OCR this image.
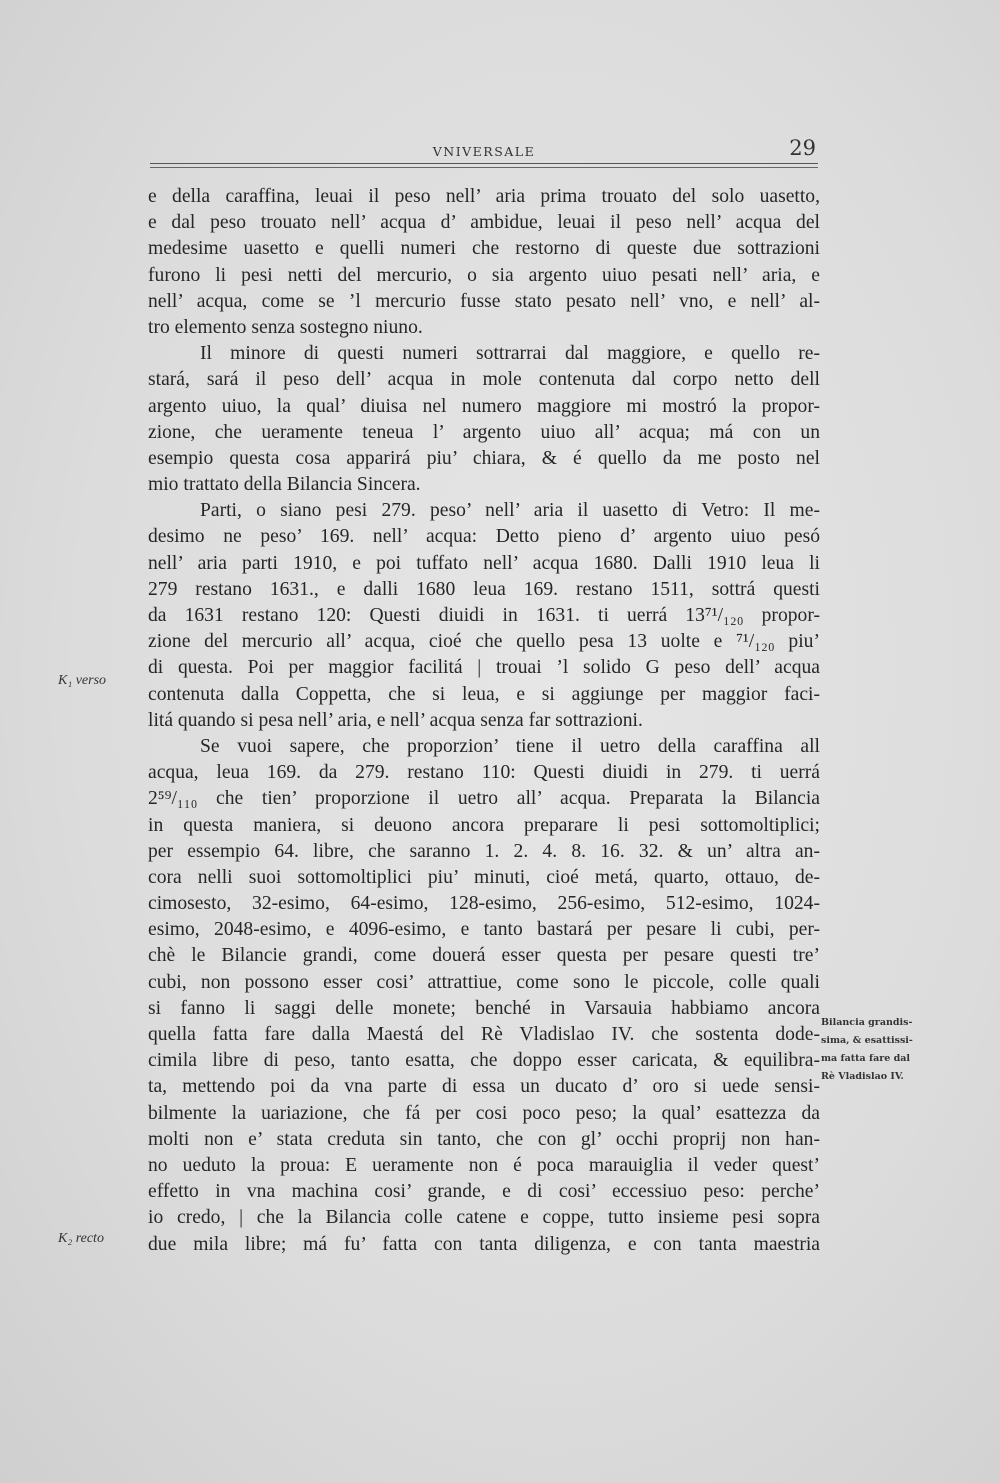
VNIVERSALE	29
K₁ verso
K₂ recto
Bilancia grandis-
sima, & esattissi-
ma fatta fare dal
Rè Vladislao IV.
e della caraffina, leuai il peso nell’ aria prima trouato del solo uasetto,
e dal peso trouato nell’ acqua d’ ambidue, leuai il peso nell’ acqua del
medesime uasetto e quelli numeri che restorno di queste due sottrazioni
furono li pesi netti del mercurio, o sia argento uiuo pesati nell’ aria, e
nell’ acqua, come se ’l mercurio fusse stato pesato nell’ vno, e nell’ al-
tro elemento senza sostegno niuno.
Il minore di questi numeri sottrarrai dal maggiore, e quello re-
stará, sará il peso dell’ acqua in mole contenuta dal corpo netto dell
argento uiuo, la qual’ diuisa nel numero maggiore mi mostró la propor-
zione, che ueramente teneua l’ argento uiuo all’ acqua; má con un
esempio questa cosa apparirá piu’ chiara, & é quello da me posto nel
mio trattato della Bilancia Sincera.
Parti, o siano pesi 279. peso’ nell’ aria il uasetto di Vetro: Il me-
desimo ne peso’ 169. nell’ acqua: Detto pieno d’ argento uiuo pesó
nell’ aria parti 1910, e poi tuffato nell’ acqua 1680. Dalli 1910 leua li
279 restano 1631., e dalli 1680 leua 169. restano 1511, sottrá questi
da 1631 restano 120: Questi diuidi in 1631. ti uerrá 13⁷¹/₁₂₀ propor-
zione del mercurio all’ acqua, cioé che quello pesa 13 uolte e ⁷¹/₁₂₀ piu’
di questa. Poi per maggior facilitá | trouai ’l solido G peso dell’ acqua
contenuta dalla Coppetta, che si leua, e si aggiunge per maggior faci-
litá quando si pesa nell’ aria, e nell’ acqua senza far sottrazioni.
Se vuoi sapere, che proporzion’ tiene il uetro della caraffina all
acqua, leua 169. da 279. restano 110: Questi diuidi in 279. ti uerrá
2⁵⁹/₁₁₀ che tien’ proporzione il uetro all’ acqua. Preparata la Bilancia
in questa maniera, si deuono ancora preparare li pesi sottomoltiplici;
per essempio 64. libre, che saranno 1. 2. 4. 8. 16. 32. & un’ altra an-
cora nelli suoi sottomoltiplici piu’ minuti, cioé metá, quarto, ottauo, de-
cimosesto, 32-esimo, 64-esimo, 128-esimo, 256-esimo, 512-esimo, 1024-
esimo, 2048-esimo, e 4096-esimo, e tanto bastará per pesare li cubi, per-
chè le Bilancie grandi, come douerá esser questa per pesare questi tre’
cubi, non possono esser cosi’ attrattiue, come sono le piccole, colle quali
si fanno li saggi delle monete; benché in Varsauia habbiamo ancora
quella fatta fare dalla Maestá del Rè Vladislao IV. che sostenta dode-
cimila libre di peso, tanto esatta, che doppo esser caricata, & equilibra-
ta, mettendo poi da vna parte di essa un ducato d’ oro si uede sensi-
bilmente la uariazione, che fá per cosi poco peso; la qual’ esattezza da
molti non e’ stata creduta sin tanto, che con gl’ occhi proprij non han-
no ueduto la proua: E ueramente non é poca marauiglia il veder quest’
effetto in vna machina cosi’ grande, e di cosi’ eccessiuo peso: perche’
io credo, | che la Bilancia colle catene e coppe, tutto insieme pesi sopra
due mila libre; má fu’ fatta con tanta diligenza, e con tanta maestria
